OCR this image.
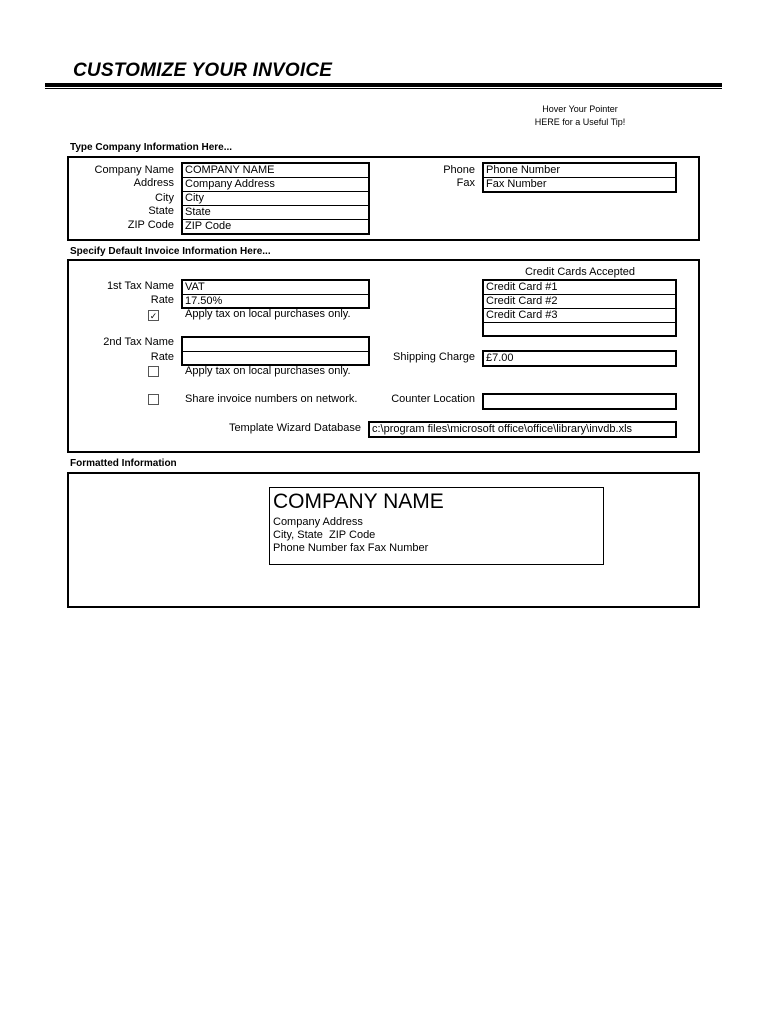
CUSTOMIZE YOUR INVOICE
Hover Your Pointer
HERE for a Useful Tip!
Type Company Information Here...
Company Name
Address
City
State
ZIP Code
COMPANY NAME
Company Address
City
State
ZIP Code
Phone
Fax
Phone Number
Fax Number
Specify Default Invoice Information Here...
1st Tax Name
Rate
VAT
17.50%
✓	Apply tax on local purchases only.
2nd Tax Name
Rate
Apply tax on local purchases only.
Share invoice numbers on network.
Credit Cards Accepted
Credit Card #1
Credit Card #2
Credit Card #3
Shipping Charge £7.00
Counter Location
Template Wizard Database c:\program files\microsoft office\office\library\invdb.xls
Formatted Information
COMPANY NAME
Company Address
City, State  ZIP Code
Phone Number fax Fax Number
